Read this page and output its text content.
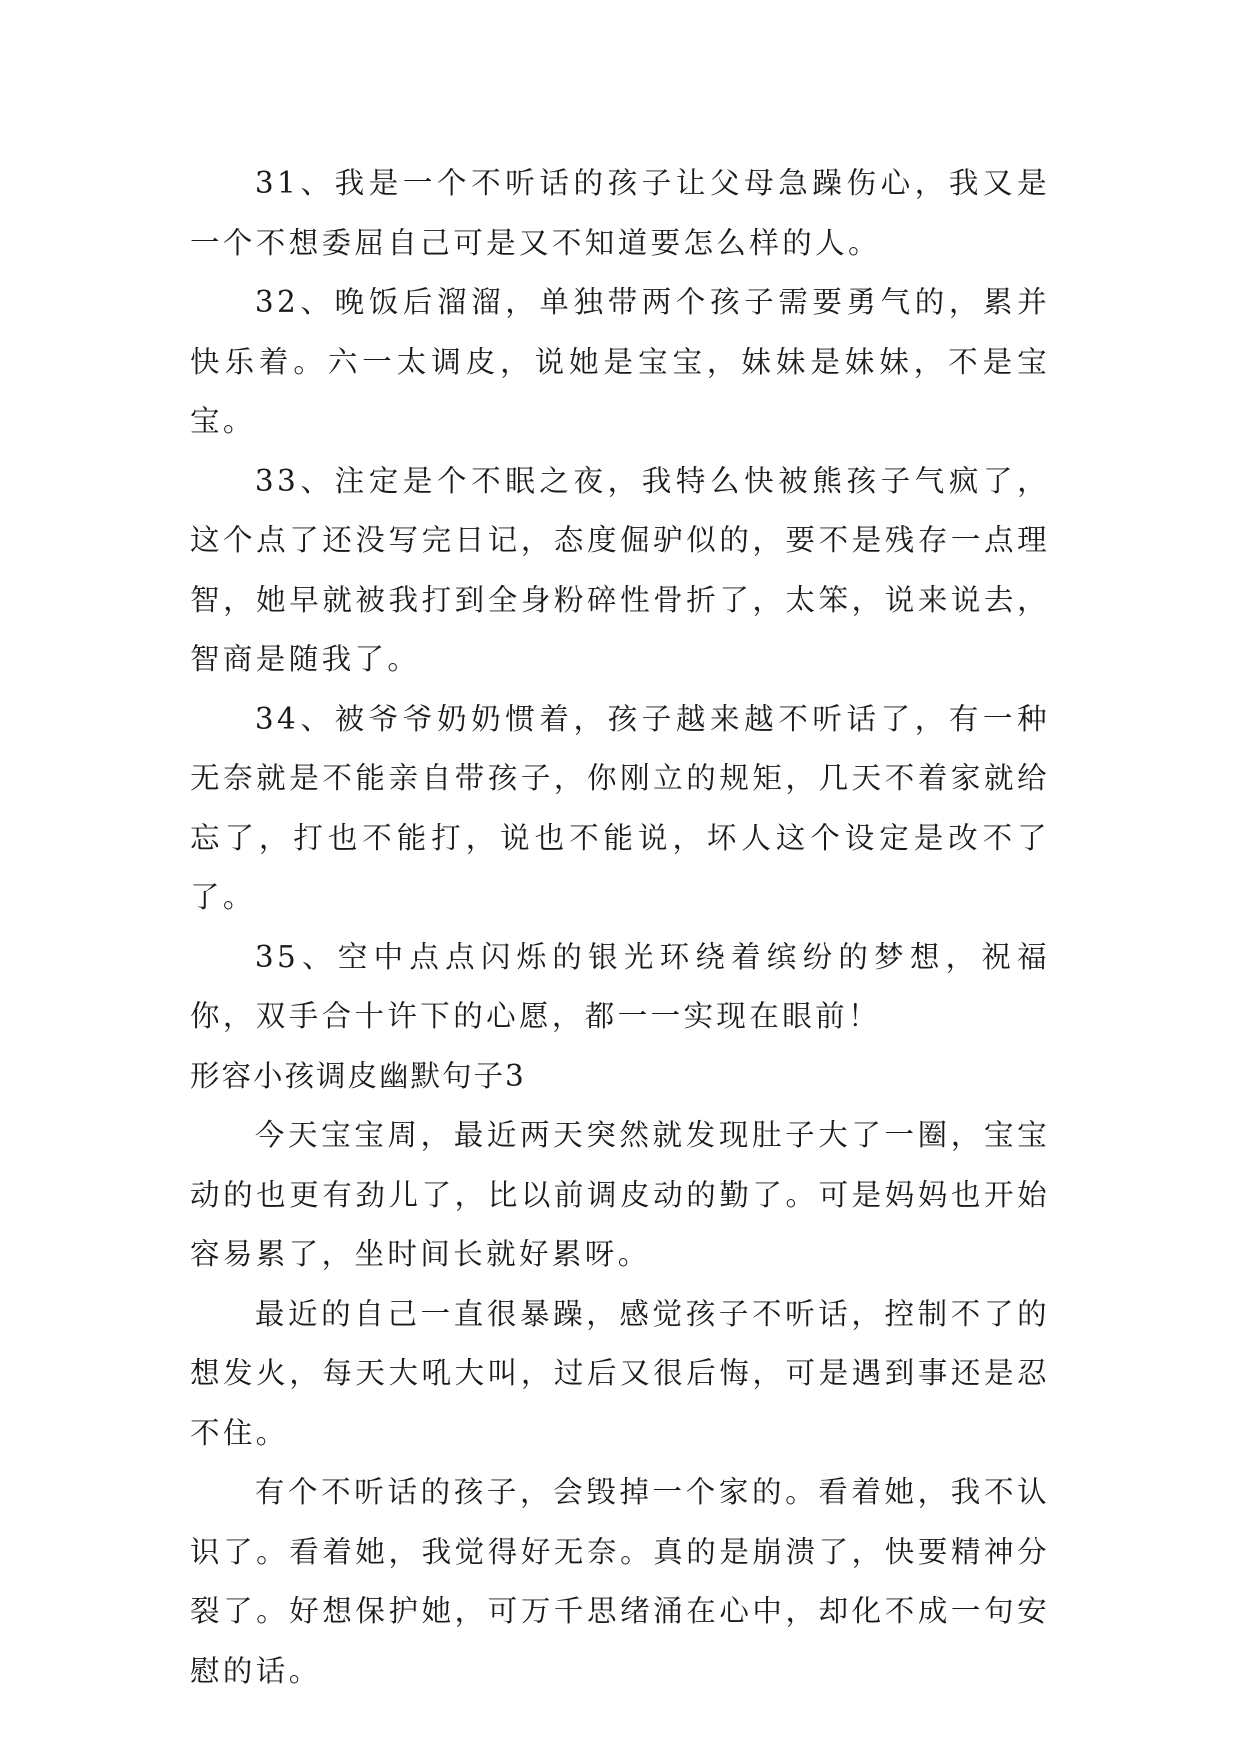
31、我是一个不听话的孩子让父母急躁伤心，我又是一个不想委屈自己可是又不知道要怎么样的人。

32、晚饭后溜溜，单独带两个孩子需要勇气的，累并快乐着。六一太调皮，说她是宝宝，妹妹是妹妹，不是宝宝。

33、注定是个不眠之夜，我特么快被熊孩子气疯了，这个点了还没写完日记，态度倔驴似的，要不是残存一点理智，她早就被我打到全身粉碎性骨折了，太笨，说来说去，智商是随我了。

34、被爷爷奶奶惯着，孩子越来越不听话了，有一种无奈就是不能亲自带孩子，你刚立的规矩，几天不着家就给忘了，打也不能打，说也不能说，坏人这个设定是改不了了。

35、空中点点闪烁的银光环绕着缤纷的梦想，祝福你，双手合十许下的心愿，都一一实现在眼前！

形容小孩调皮幽默句子3

今天宝宝周，最近两天突然就发现肚子大了一圈，宝宝动的也更有劲儿了，比以前调皮动的勤了。可是妈妈也开始容易累了，坐时间长就好累呀。

最近的自己一直很暴躁，感觉孩子不听话，控制不了的想发火，每天大吼大叫，过后又很后悔，可是遇到事还是忍不住。

有个不听话的孩子，会毁掉一个家的。看着她，我不认识了。看着她，我觉得好无奈。真的是崩溃了，快要精神分裂了。好想保护她，可万千思绪涌在心中，却化不成一句安慰的话。
